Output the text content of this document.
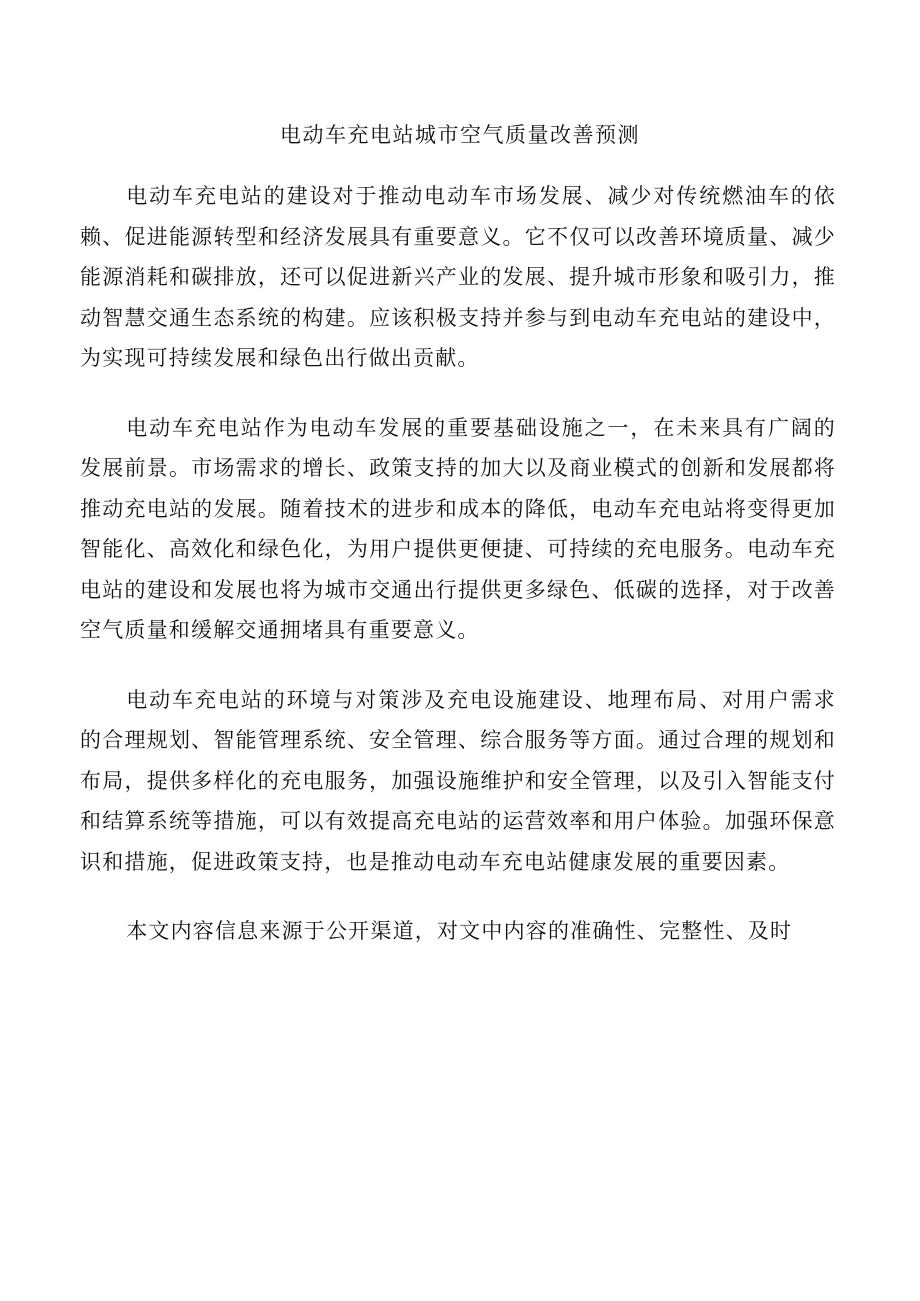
电动车充电站城市空气质量改善预测

电动车充电站的建设对于推动电动车市场发展、减少对传统燃油车的依赖、促进能源转型和经济发展具有重要意义。它不仅可以改善环境质量、减少能源消耗和碳排放，还可以促进新兴产业的发展、提升城市形象和吸引力，推动智慧交通生态系统的构建。应该积极支持并参与到电动车充电站的建设中，为实现可持续发展和绿色出行做出贡献。

电动车充电站作为电动车发展的重要基础设施之一，在未来具有广阔的发展前景。市场需求的增长、政策支持的加大以及商业模式的创新和发展都将推动充电站的发展。随着技术的进步和成本的降低，电动车充电站将变得更加智能化、高效化和绿色化，为用户提供更便捷、可持续的充电服务。电动车充电站的建设和发展也将为城市交通出行提供更多绿色、低碳的选择，对于改善空气质量和缓解交通拥堵具有重要意义。

电动车充电站的环境与对策涉及充电设施建设、地理布局、对用户需求的合理规划、智能管理系统、安全管理、综合服务等方面。通过合理的规划和布局，提供多样化的充电服务，加强设施维护和安全管理，以及引入智能支付和结算系统等措施，可以有效提高充电站的运营效率和用户体验。加强环保意识和措施，促进政策支持，也是推动电动车充电站健康发展的重要因素。

本文内容信息来源于公开渠道，对文中内容的准确性、完整性、及时
